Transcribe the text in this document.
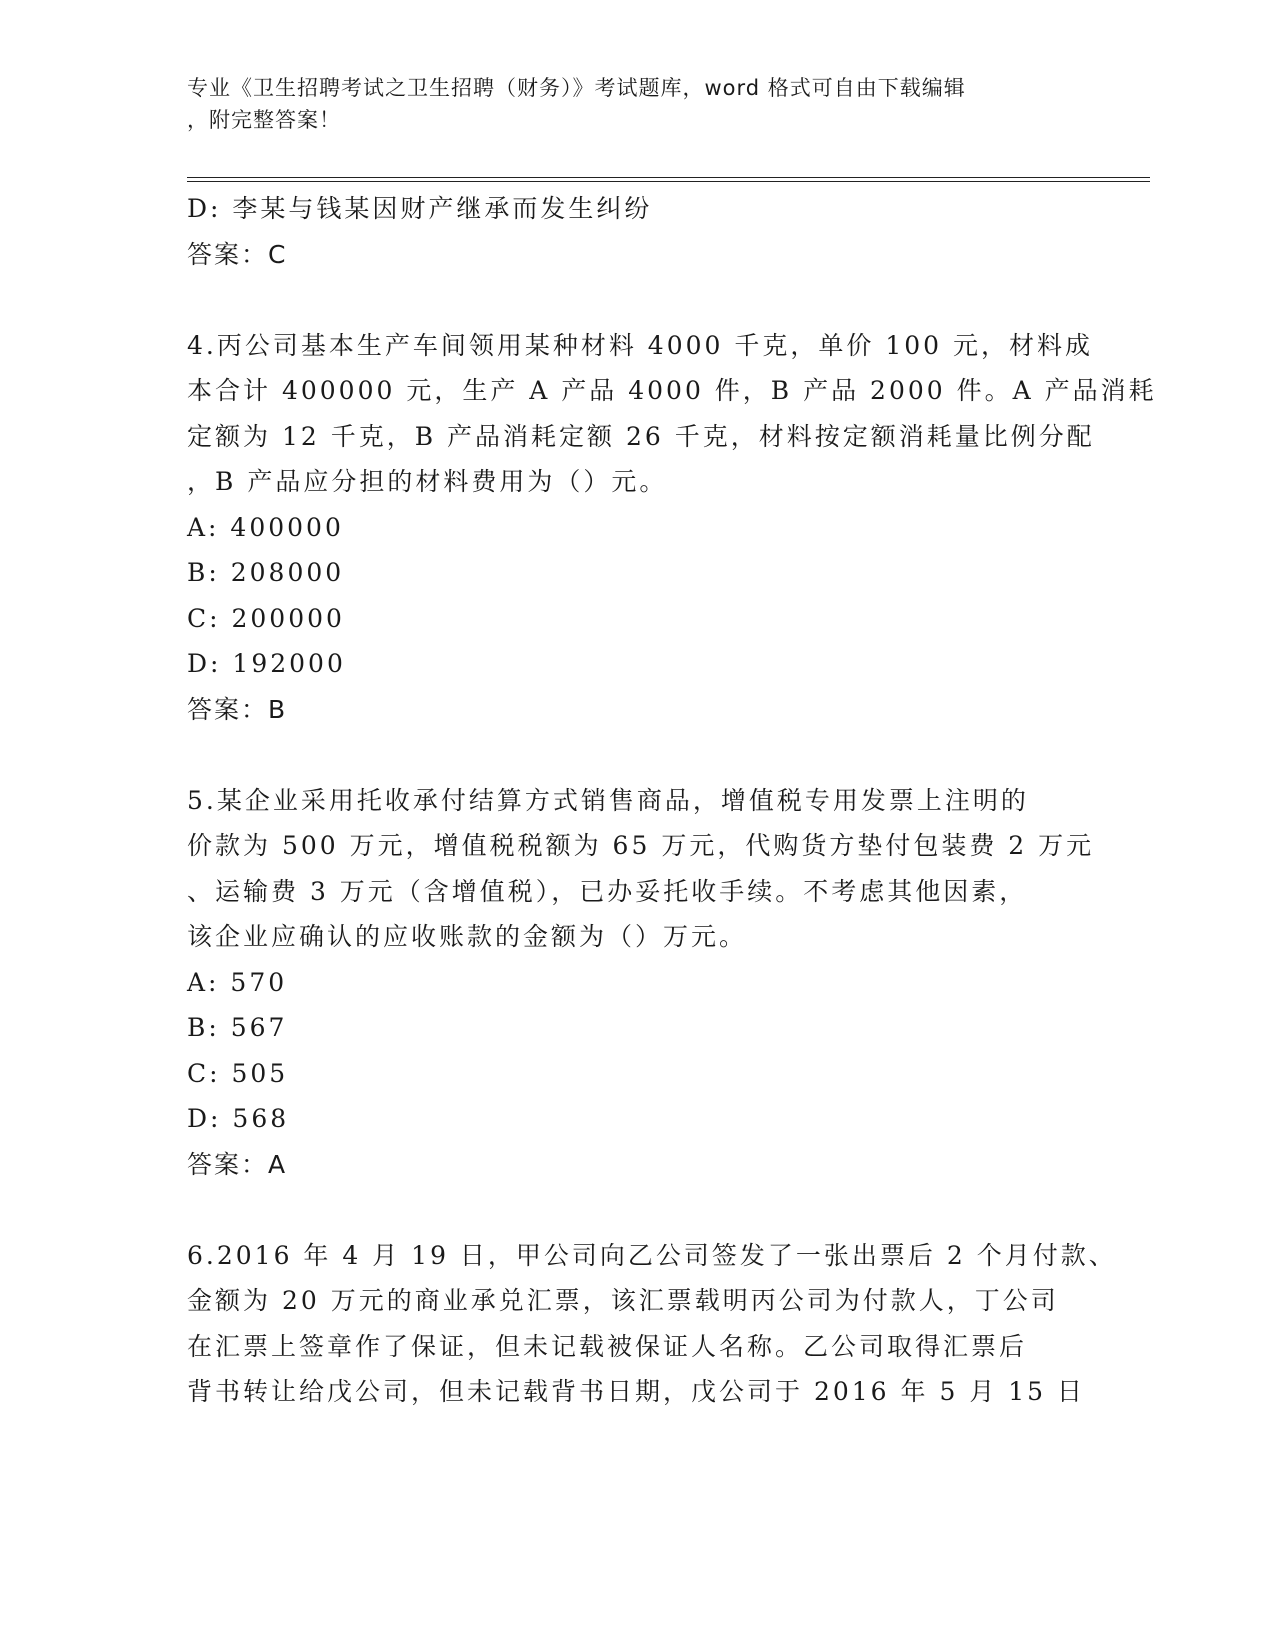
专业《卫生招聘考试之卫生招聘（财务）》考试题库，word 格式可自由下载编辑
，附完整答案！

D: 李某与钱某因财产继承而发生纠纷

答案：C

4.丙公司基本生产车间领用某种材料 4000 千克，单价 100 元，材料成

本合计 400000 元，生产 A 产品 4000 件，B 产品 2000 件。A 产品消耗

定额为 12 千克，B 产品消耗定额 26 千克，材料按定额消耗量比例分配

，B 产品应分担的材料费用为（）元。

A: 400000

B: 208000

C: 200000

D: 192000

答案：B

5.某企业采用托收承付结算方式销售商品，增值税专用发票上注明的

价款为 500 万元，增值税税额为 65 万元，代购货方垫付包装费 2 万元

、运输费 3 万元（含增值税），已办妥托收手续。不考虑其他因素，

该企业应确认的应收账款的金额为（）万元。

A: 570

B: 567

C: 505

D: 568

答案：A

6.2016 年 4 月 19 日，甲公司向乙公司签发了一张出票后 2 个月付款、

金额为 20 万元的商业承兑汇票，该汇票载明丙公司为付款人，丁公司

在汇票上签章作了保证，但未记载被保证人名称。乙公司取得汇票后

背书转让给戊公司，但未记载背书日期，戊公司于 2016 年 5 月 15 日
